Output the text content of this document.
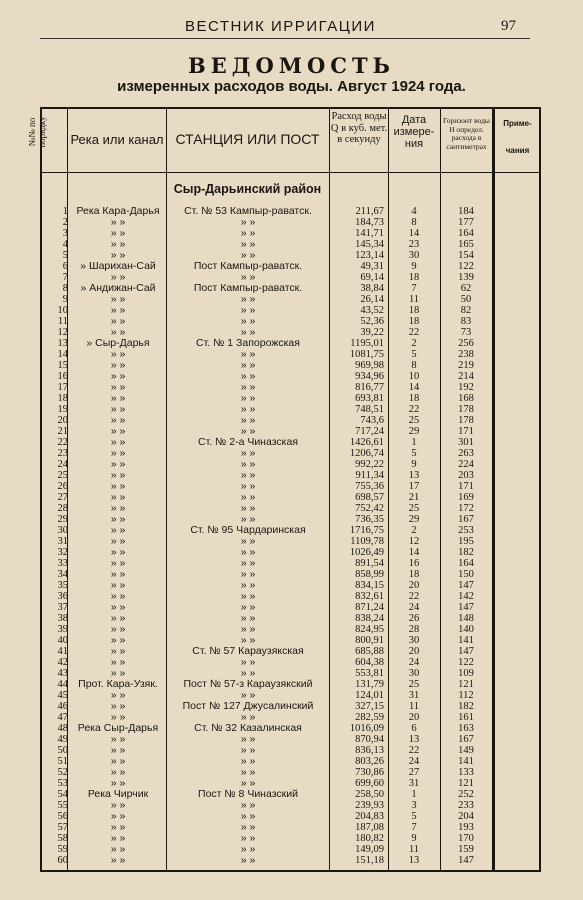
ВЕСТНИК ИРРИГАЦИИ	97
ВЕДОМОСТЬ
измеренных расходов воды. Август 1924 года.
№№ по порядку Река или канал СТАНЦИЯ ИЛИ ПОСТ
Расход воды Q в куб. мет. в секунду
Дата измере- ния
Горизонт воды Н определ. расхода в сантиметрах
Приме-
чания
Сыр-Дарьинский район
1 Река Кара-Дарья	Ст. № 53 Кампыр-раватск.	211,67	4	184
2	» »	» »	184,73	8	177
3	» »	» »	141,71	14	164
4	» »	» »	145,34	23	165
5	» »	» »	123,14	30	154
6	» Шарихан-Сай	Пост Кампыр-раватск.	49,31	9	122
7	» »	» »	69,14	18	139
8	» Андижан-Сай	Пост Кампыр-раватск.	38,84	7	62
9	» »	» »	26,14	11	50
10	» »	» »	43,52	18	82
11	» »	» »	52,36	18	83
12	» »	» »	39,22	22	73
13	» Сыр-Дарья	Ст. № 1 Запорожская	1195,01	2	256
14	» »	» »	1081,75	5	238
15	» »	» »	969,98	8	219
16	» »	» »	934,96	10	214
17	» »	» »	816,77	14	192
18	» »	» »	693,81	18	168
19	» »	» »	748,51	22	178
20	» »	» »	743,6	25	178
21	» »	» »	717,24	29	171
22	» »	Ст. № 2-а Чиназская	1426,61	1	301
23	» »	» »	1206,74	5	263
24	» »	» »	992,22	9	224
25	» »	» »	911,34	13	203
26	» »	» »	755,36	17	171
27	» »	» »	698,57	21	169
28	» »	» »	752,42	25	172
29	» »	» »	736,35	29	167
30	» »	Ст. № 95 Чардаринская	1716,75	2	253
31	» »	» »	1109,78	12	195
32	» »	» »	1026,49	14	182
33	» »	» »	891,54	16	164
34	» »	» »	858,99	18	150
35	» »	» »	834,15	20	147
36	» »	» »	832,61	22	142
37	» »	» »	871,24	24	147
38	» »	» »	838,24	26	148
39	» »	» »	824,95	28	140
40	» »	» »	800,91	30	141
41	» »	Ст. № 57 Караузякская	685,88	20	147
42	» »	» »	604,38	24	122
43	» »	» »	553,81	30	109
44 Прот. Кара-Узяк.	Пост № 57-з Караузякский	131,79	25	121
45	» »	» »	124,01	31	112
46	» »	Пост № 127 Джусалинский	327,15	11	182
47	» »	» »	282,59	20	161
48 Река Сыр-Дарья	Ст. № 32 Казалинская	1016,09	6	163
49	» »	» »	870,94	13	167
50	» »	» »	836,13	22	149
51	» »	» »	803,26	24	141
52	» »	» »	730,86	27	133
53	» »	» »	699,60	31	121
54	Река Чирчик	Пост № 8 Чиназский	258,50	1	252
55	» »	» »	239,93	3	233
56	» »	» »	204,83	5	204
57	» »	» »	187,08	7	193
58	» »	» »	180,82	9	170
59	» »	» »	149,09	11	159
60	» »	» »	151,18	13	147
